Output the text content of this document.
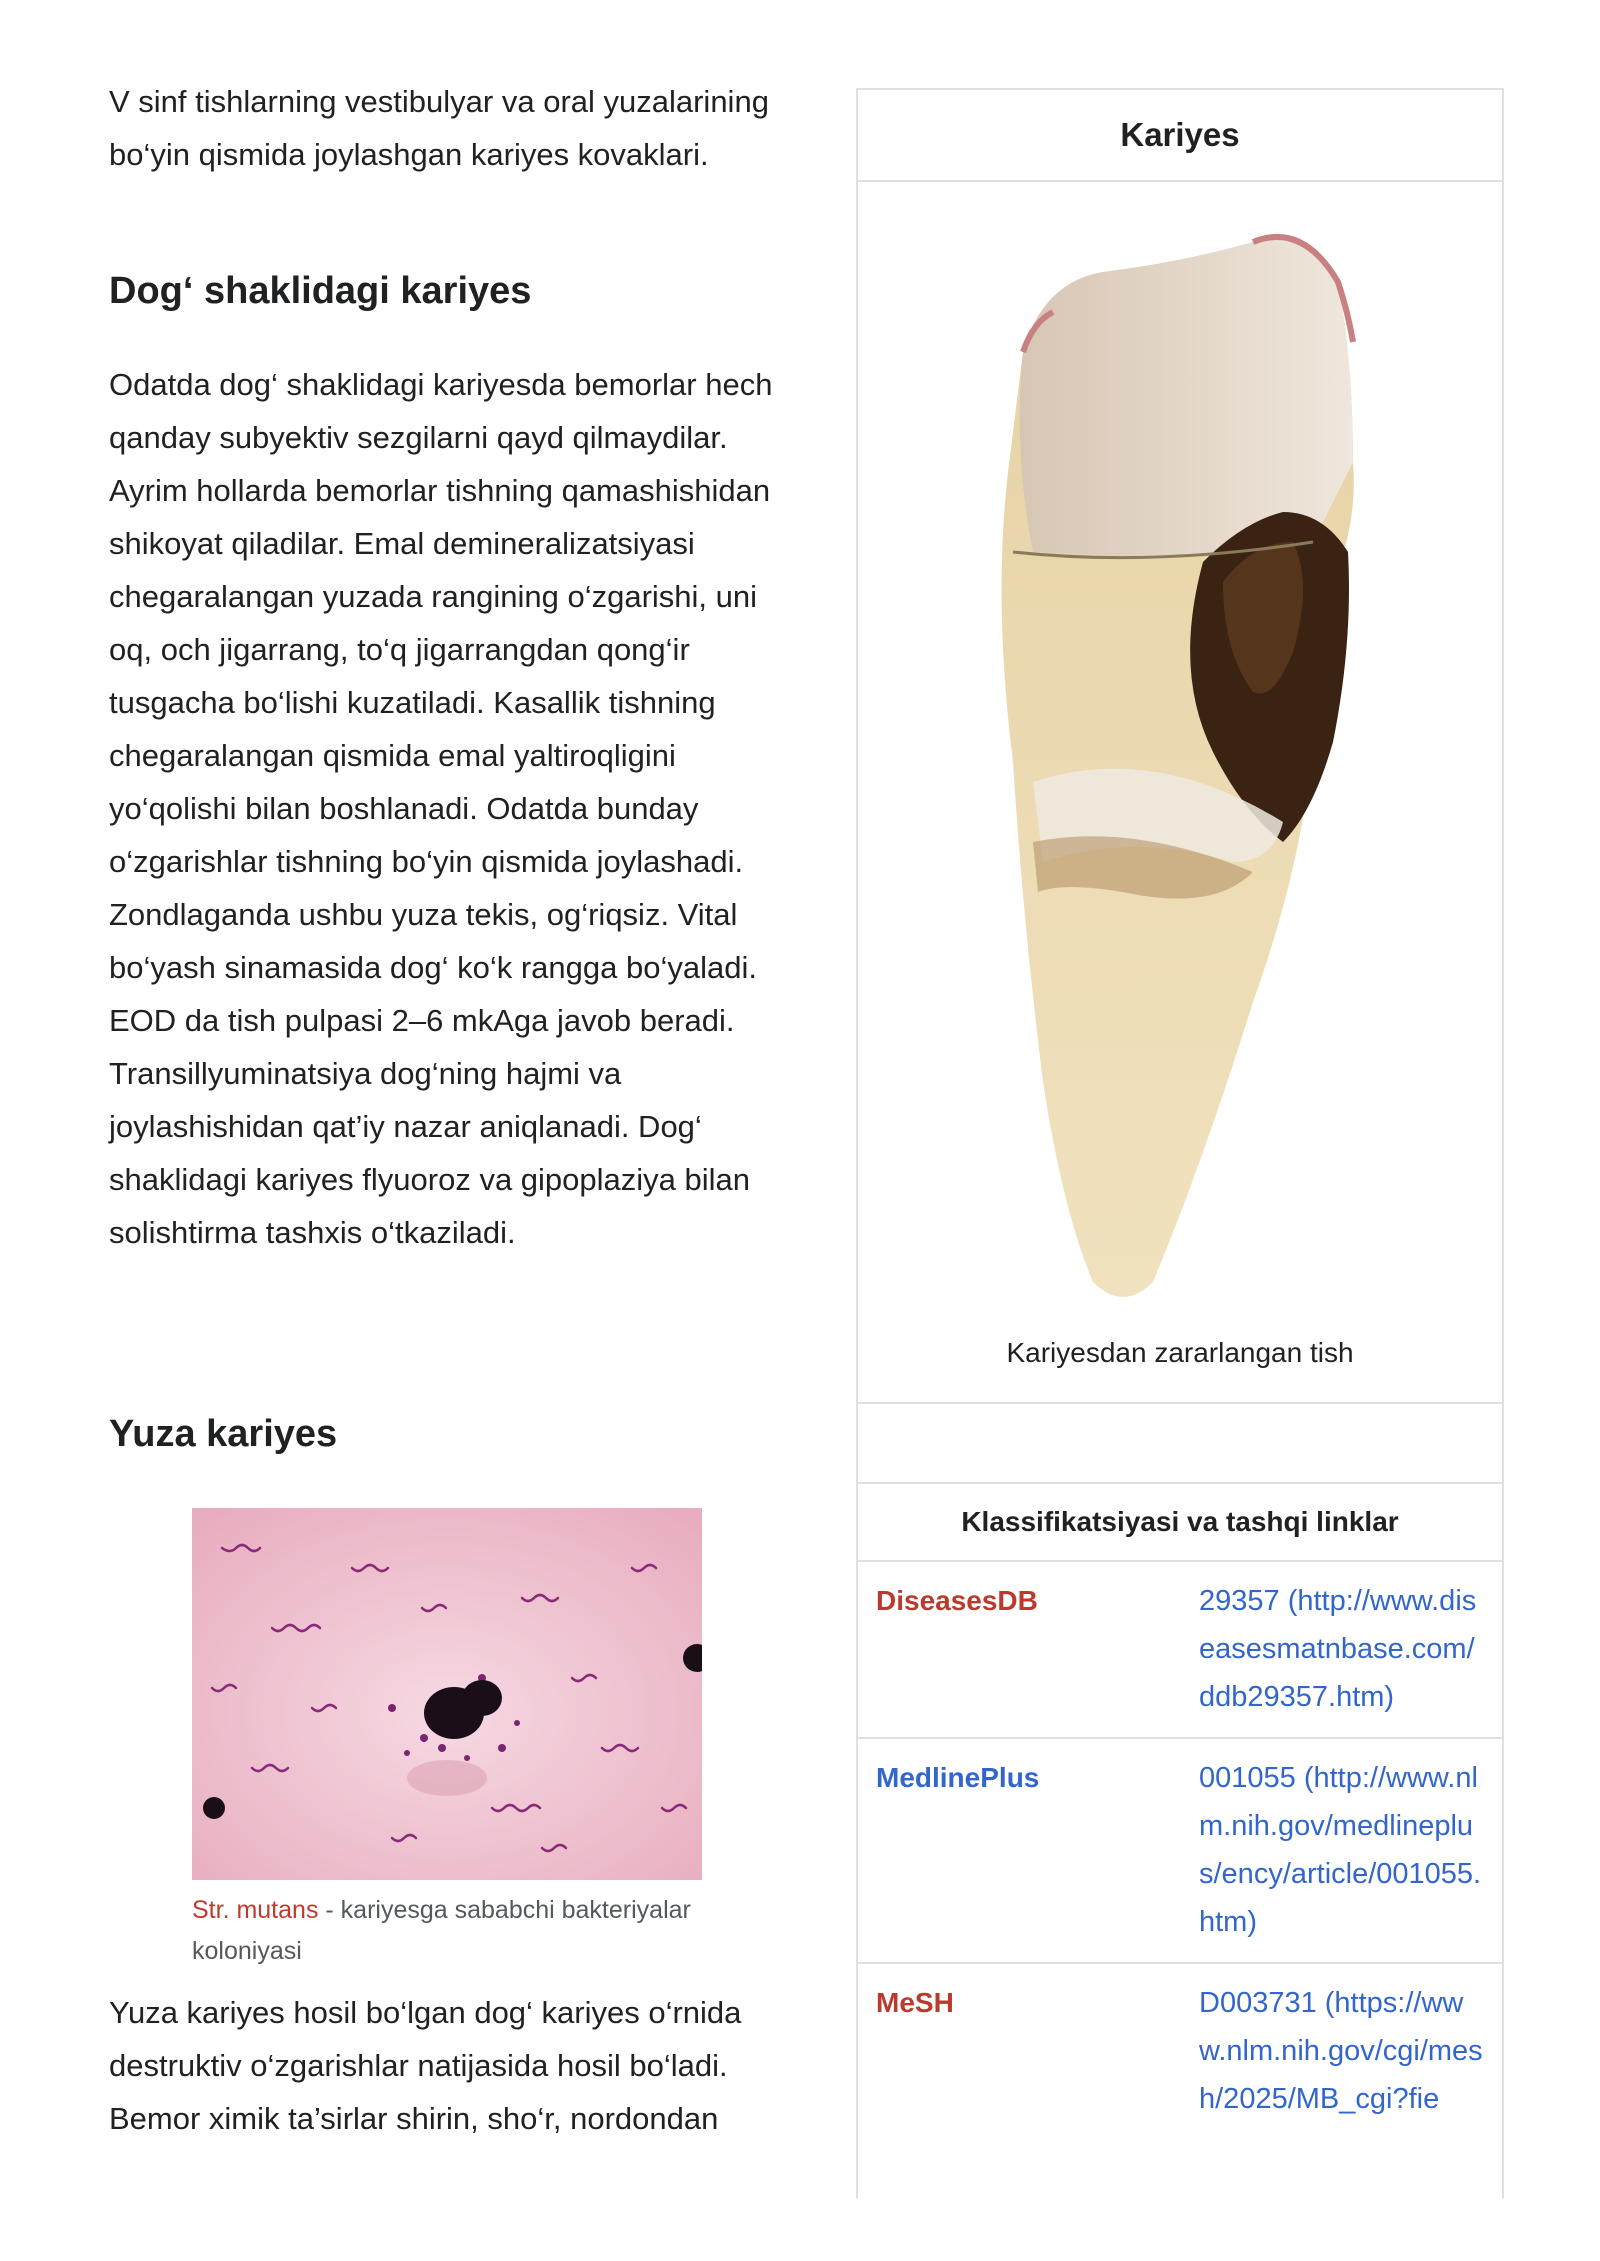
V sinf tishlarning vestibulyar va oral yuzalarining bo‘yin qismida joylashgan kariyes kovaklari.

Dog‘ shaklidagi kariyes

Odatda dog‘ shaklidagi kariyesda bemorlar hech qanday subyektiv sezgilarni qayd qilmaydilar. Ayrim hollarda bemorlar tishning qamashishidan shikoyat qiladilar. Emal demineralizatsiyasi chegaralangan yuzada rangining o‘zgarishi, uni oq, och jigarrang, to‘q jigarrangdan qong‘ir tusgacha bo‘lishi kuzatiladi. Kasallik tishning chegaralangan qismida emal yaltiroqligini yo‘qolishi bilan boshlanadi. Odatda bunday o‘zgarishlar tishning bo‘yin qismida joylashadi. Zondlaganda ushbu yuza tekis, og‘riqsiz. Vital bo‘yash sinamasida dog‘ ko‘k rangga bo‘yaladi. EOD da tish pulpasi 2–6 mkAga javob beradi. Transillyuminatsiya dog‘ning hajmi va joylashishidan qat’iy nazar aniqlanadi. Dog‘ shaklidagi kariyes flyuoroz va gipoplaziya bilan solishtirma tashxis o‘tkaziladi.

Yuza kariyes
Str. mutans - kariyesga sababchi bakteriyalar koloniyasi

Yuza kariyes hosil bo‘lgan dog‘ kariyes o‘rnida destruktiv o‘zgarishlar natijasida hosil bo‘ladi. Bemor ximik ta’sirlar shirin, sho‘r, nordondan

Kariyes
Kariyesdan zararlangan tish
Klassifikatsiyasi va tashqi linklar
DiseasesDB	29357 (http://www.diseasesmatnbase.com/ddb29357.htm)
MedlinePlus	001055 (http://www.nlm.nih.gov/medlineplus/ency/article/001055.htm)
MeSH	D003731 (https://www.nlm.nih.gov/cgi/mesh/2025/MB_cgi?fie
